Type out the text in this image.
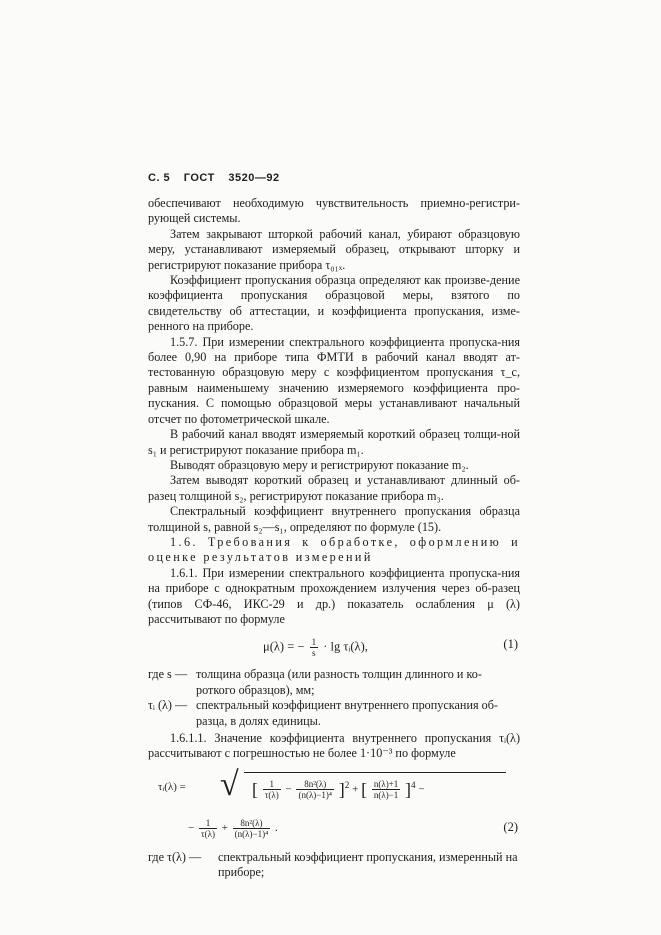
С. 5 ГОСТ 3520—92

обеспечивают необходимую чувствительность приемно-регистри-рующей системы.

Затем закрывают шторкой рабочий канал, убирают образцовую меру, устанавливают измеряемый образец, открывают шторку и регистрируют показание прибора τ₀₁ₓ.

Коэффициент пропускания образца определяют как произве-дение коэффициента пропускания образцовой меры, взятого по свидетельству об аттестации, и коэффициента пропускания, изме-ренного на приборе.

1.5.7. При измерении спектрального коэффициента пропуска-ния более 0,90 на приборе типа ФМТИ в рабочий канал вводят ат-тестованную образцовую меру с коэффициентом пропускания τ_c, равным наименьшему значению измеряемого коэффициента про-пускания. С помощью образцовой меры устанавливают начальный отсчет по фотометрической шкале.

В рабочий канал вводят измеряемый короткий образец толщи-ной s₁ и регистрируют показание прибора m₁.

Выводят образцовую меру и регистрируют показание m₂.

Затем выводят короткий образец и устанавливают длинный об-разец толщиной s₂, регистрируют показание прибора m₃.

Спектральный коэффициент внутреннего пропускания образца толщиной s, равной s₂—s₁, определяют по формуле (15).

1.6. Требования к обработке, оформлению и оценке результатов измерений

1.6.1. При измерении спектрального коэффициента пропуска-ния на приборе с однократным прохождением излучения через об-разец (типов СФ-46, ИКС-29 и др.) показатель ослабления μ (λ) рассчитывают по формуле

μ(λ) = − $\frac{1}{s} \cdot \lg$ τᵢ(λ),	(1)
где s — толщина образца (или разность толщин длинного и ко-роткого образцов), мм;
τᵢ (λ) — спектральный коэффициент внутреннего пропускания об-разца, в долях единицы.

1.6.1.1. Значение коэффициента внутреннего пропускания τᵢ(λ) рассчитывают с погрешностью не более 1·10⁻³ по формуле

τᵢ(λ) = √ [ $\frac{1}{\tau(\lambda)} - \frac{\text{8n²(λ)}}{\text{(n(λ)−1)⁴}} ]^2$ + [ $\frac{n(\lambda)+1}{n(\lambda)-1} ]^4$ −
− $\frac{1}{\tau(\lambda)} + \frac{\text{8n²(λ)}}{\text{(n(λ)−1)⁴}}$ .	(2)
где τ(λ) —	спектральный коэффициент пропускания, измеренный на приборе;
